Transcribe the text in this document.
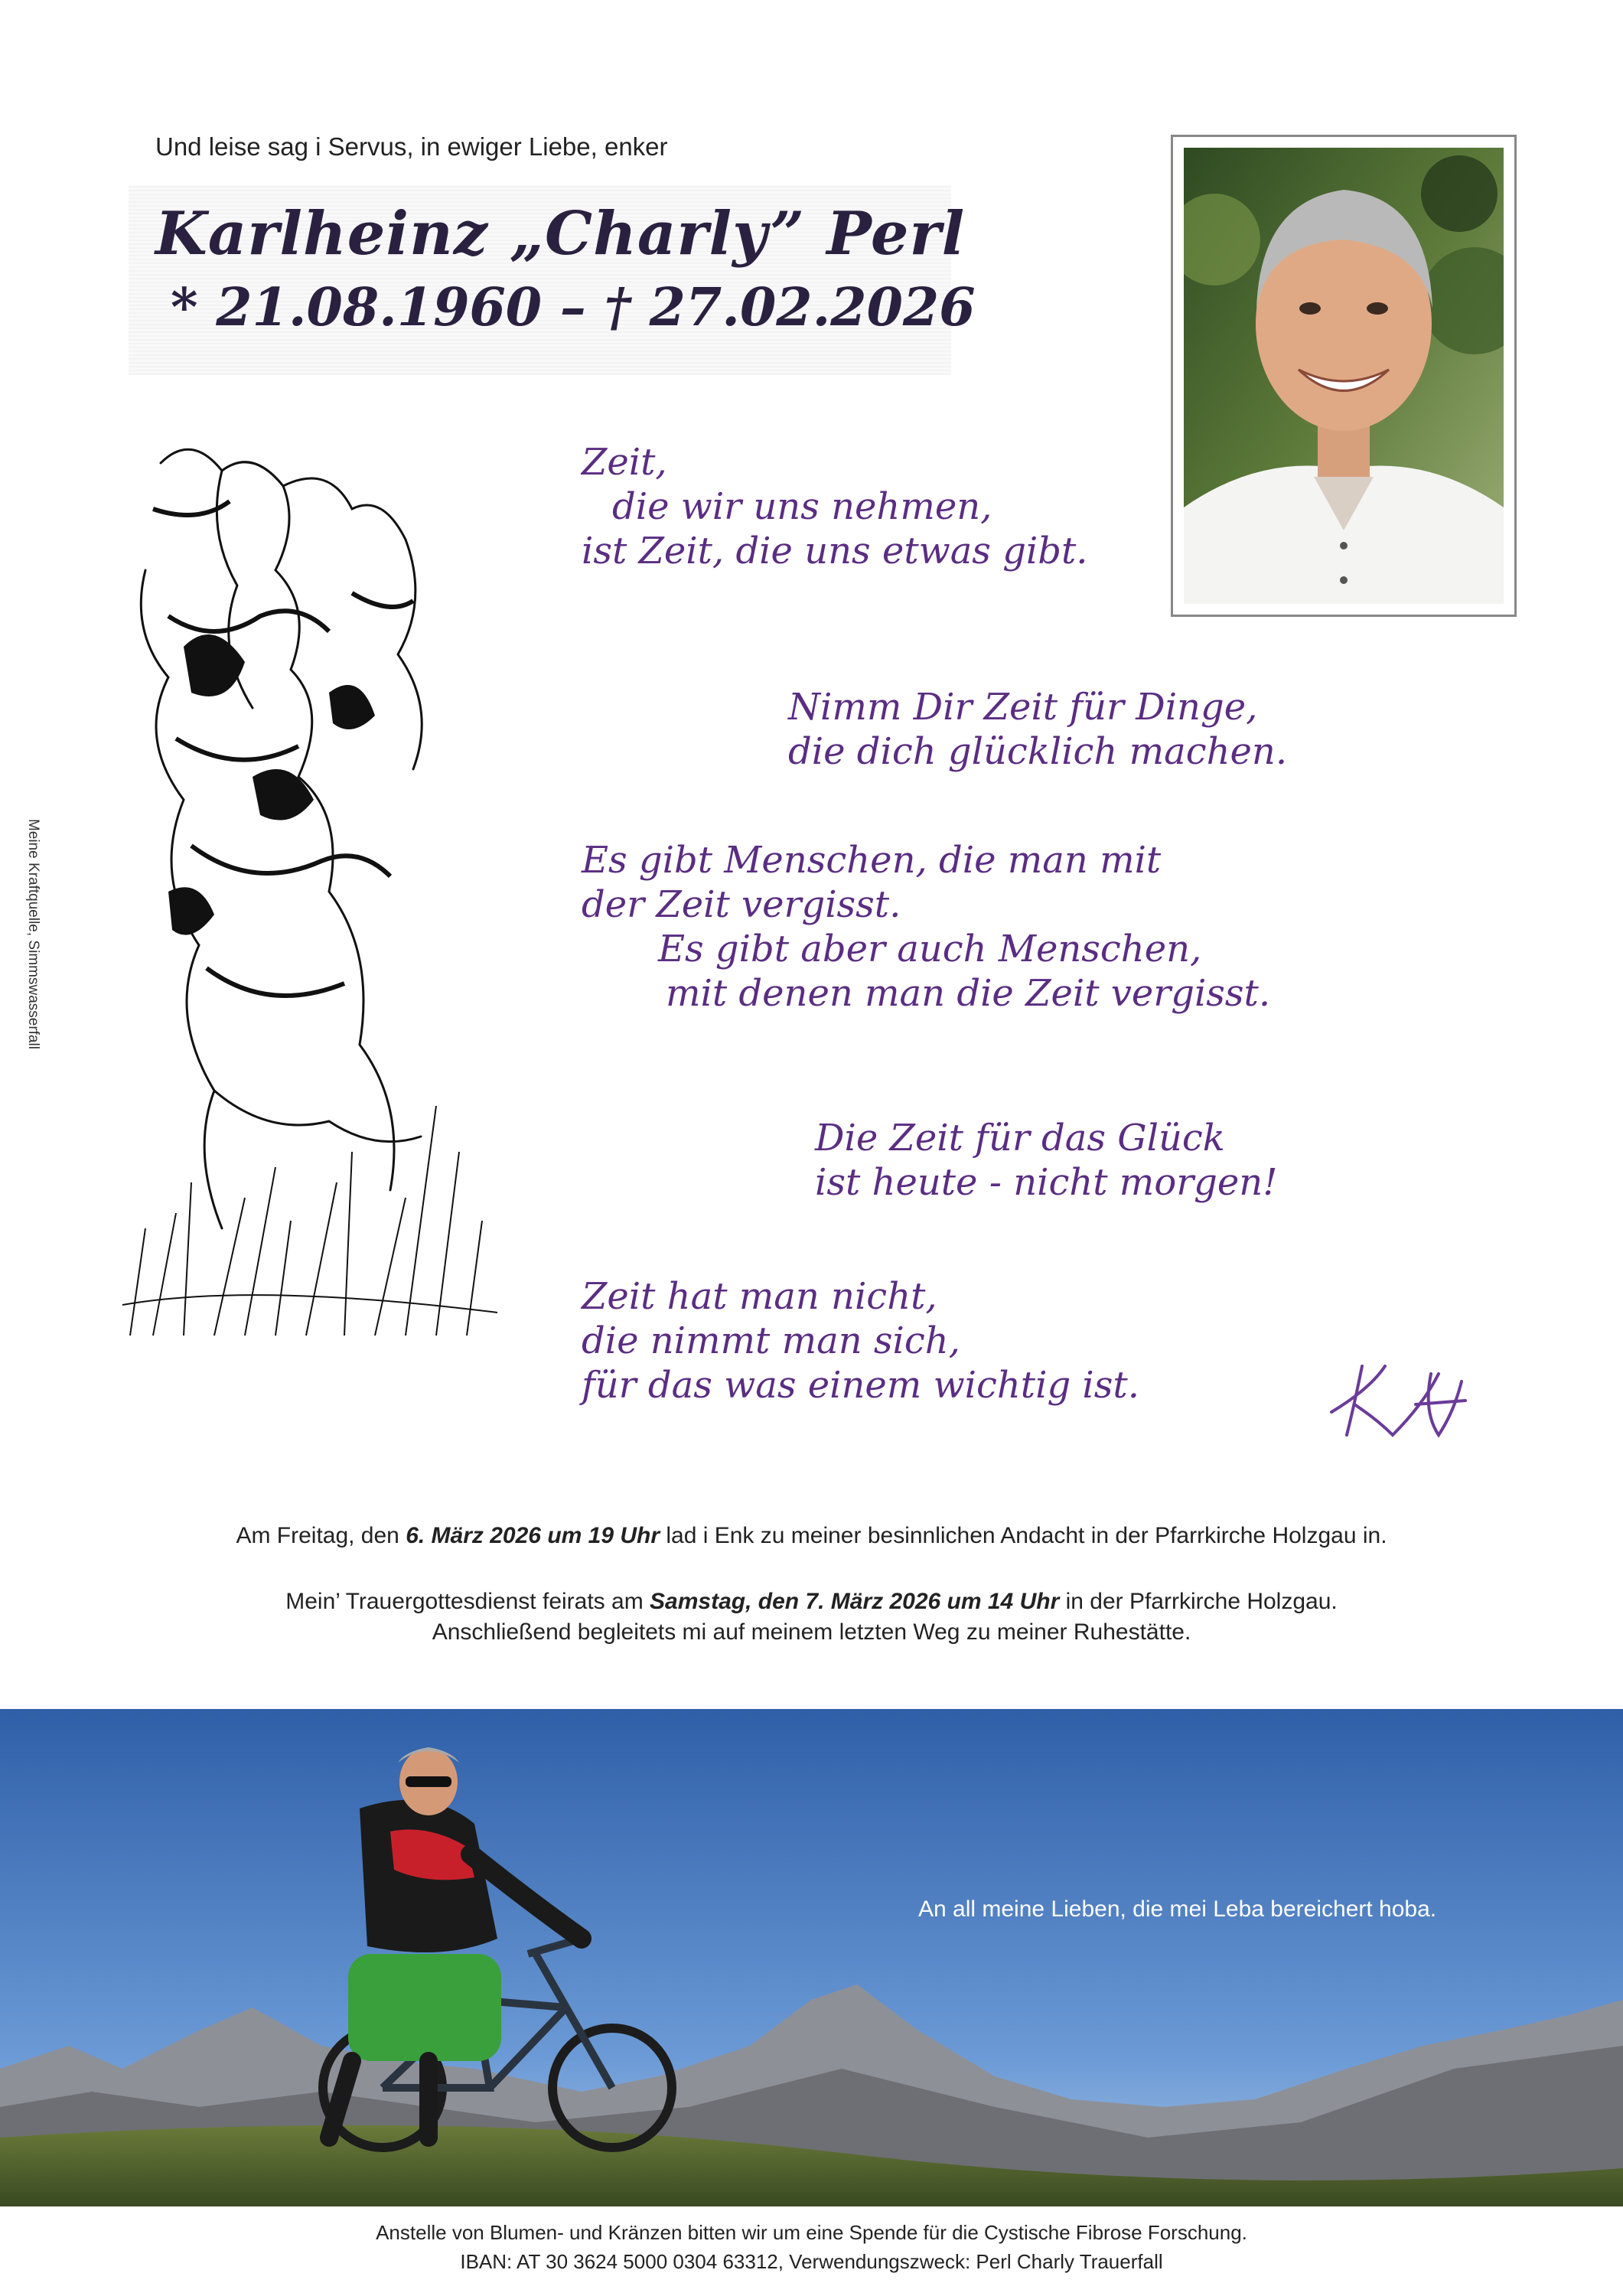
Und leise sag i Servus, in ewiger Liebe, enker
Karlheinz „Charly” Perl
* 21.08.1960 – † 27.02.2026
Meine Kraftquelle, Simmswasserfall
Zeit,
die wir uns nehmen,
ist Zeit, die uns etwas gibt.
Nimm Dir Zeit für Dinge,
die dich glücklich machen.
Es gibt Menschen, die man mit
der Zeit vergisst.
Es gibt aber auch Menschen,
mit denen man die Zeit vergisst.
Die Zeit für das Glück
ist heute - nicht morgen!
Zeit hat man nicht,
die nimmt man sich,
für das was einem wichtig ist.
Am Freitag, den 6. März 2026 um 19 Uhr lad i Enk zu meiner besinnlichen Andacht in der Pfarrkirche Holzgau in.
Mein’ Trauergottesdienst feirats am Samstag, den 7. März 2026 um 14 Uhr in der Pfarrkirche Holzgau.
Anschließend begleitets mi auf meinem letzten Weg zu meiner Ruhestätte.
An all meine Lieben, die mei Leba bereichert hoba.
Anstelle von Blumen- und Kränzen bitten wir um eine Spende für die Cystische Fibrose Forschung.
IBAN: AT 30 3624 5000 0304 63312, Verwendungszweck: Perl Charly Trauerfall
